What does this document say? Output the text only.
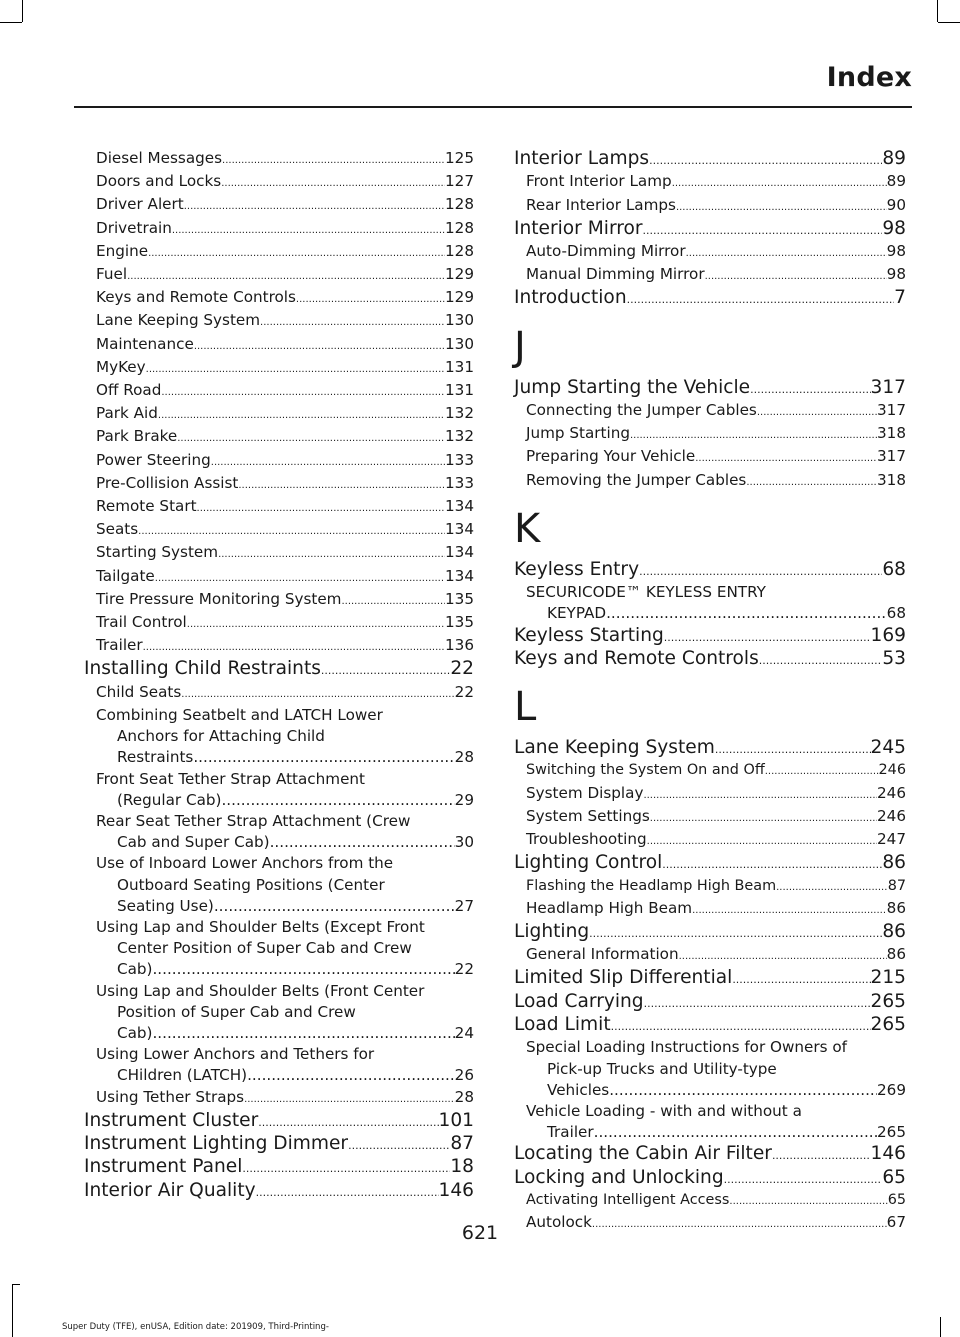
Index
Diesel Messages .....	125
Doors and Locks .....	127
Driver Alert .....	128
Drivetrain .....	128
Engine .....	128
Fuel .....	129
Keys and Remote Controls .....	129
Lane Keeping System .....	130
Maintenance .....	130
MyKey .....	131
Off Road .....	131
Park Aid .....	132
Park Brake .....	132
Power Steering .....	133
Pre-Collision Assist .....	133
Remote Start .....	134
Seats .....	134
Starting System .....	134
Tailgate .....	134
Tire Pressure Monitoring System .....	135
Trail Control .....	135
Trailer .....	136
Installing Child Restraints .....	22
Child Seats .....	22
Combining Seatbelt and LATCH Lower
Anchors for Attaching Child
Restraints .....	28
Front Seat Tether Strap Attachment
(Regular Cab) .....	29
Rear Seat Tether Strap Attachment (Crew
Cab and Super Cab) .....	30
Use of Inboard Lower Anchors from the
Outboard Seating Positions (Center
Seating Use) .....	27
Using Lap and Shoulder Belts (Except Front
Center Position of Super Cab and Crew
Cab) .....	22
Using Lap and Shoulder Belts (Front Center
Position of Super Cab and Crew
Cab) .....	24
Using Lower Anchors and Tethers for
CHildren (LATCH) .....	26
Using Tether Straps .....	28
Instrument Cluster .....	101
Instrument Lighting Dimmer .....	87
Instrument Panel .....	18
Interior Air Quality .....	146
Interior Lamps .....	89
Front Interior Lamp .....	89
Rear Interior Lamps .....	90
Interior Mirror .....	98
Auto-Dimming Mirror .....	98
Manual Dimming Mirror .....	98
Introduction .....	7
J
Jump Starting the Vehicle .....	317
Connecting the Jumper Cables .....	317
Jump Starting .....	318
Preparing Your Vehicle .....	317
Removing the Jumper Cables .....	318
K
Keyless Entry .....	68
SECURICODE™ KEYLESS ENTRY
KEYPAD .....	68
Keyless Starting .....	169
Keys and Remote Controls .....	53
L
Lane Keeping System .....	245
Switching the System On and Off .....	246
System Display .....	246
System Settings .....	246
Troubleshooting .....	247
Lighting Control .....	86
Flashing the Headlamp High Beam .....	87
Headlamp High Beam .....	86
Lighting .....	86
General Information .....	86
Limited Slip Differential .....	215
Load Carrying .....	265
Load Limit .....	265
Special Loading Instructions for Owners of
Pick-up Trucks and Utility-type
Vehicles .....	269
Vehicle Loading - with and without a
Trailer .....	265
Locating the Cabin Air Filter .....	146
Locking and Unlocking .....	65
Activating Intelligent Access .....	65
Autolock .....	67
621
Super Duty (TFE), enUSA, Edition date: 201909, Third-Printing-
